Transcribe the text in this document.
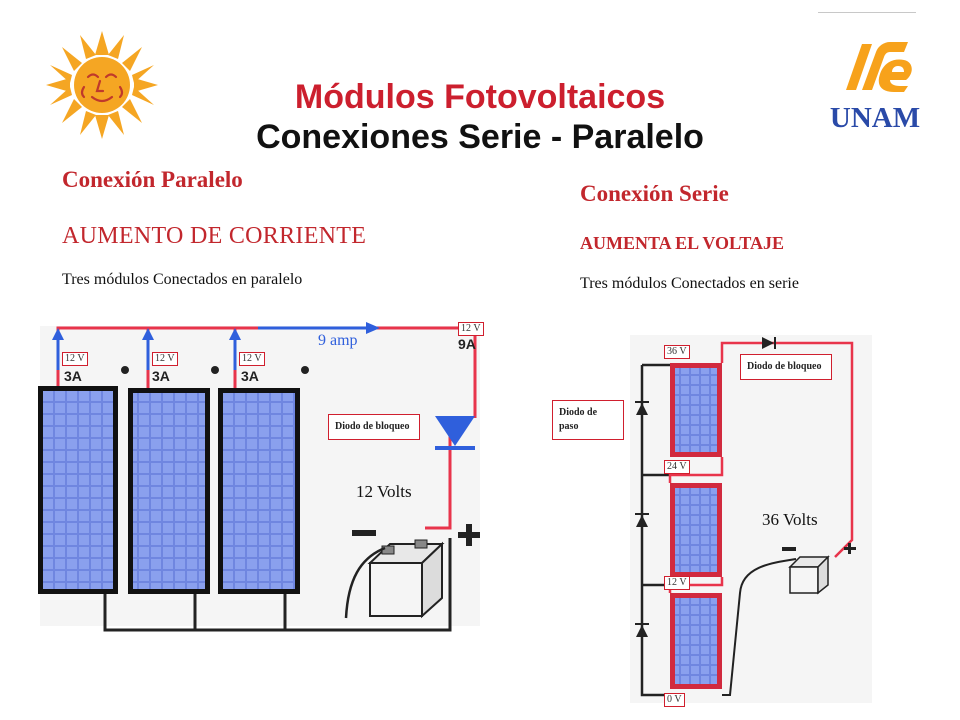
UNAM
Módulos Fotovoltaicos
Conexiones Serie - Paralelo
Conexión Paralelo
AUMENTO DE CORRIENTE
Tres módulos Conectados en paralelo
Conexión Serie
AUMENTA EL VOLTAJE
Tres módulos Conectados en serie
12 V	12 V	12 V
12 V
3A	3A	3A
9A
9 amp
Diodo de bloqueo
12 Volts
36 V
24 V
12 V
0 V
Diodo de paso
Diodo de bloqueo
36 Volts
